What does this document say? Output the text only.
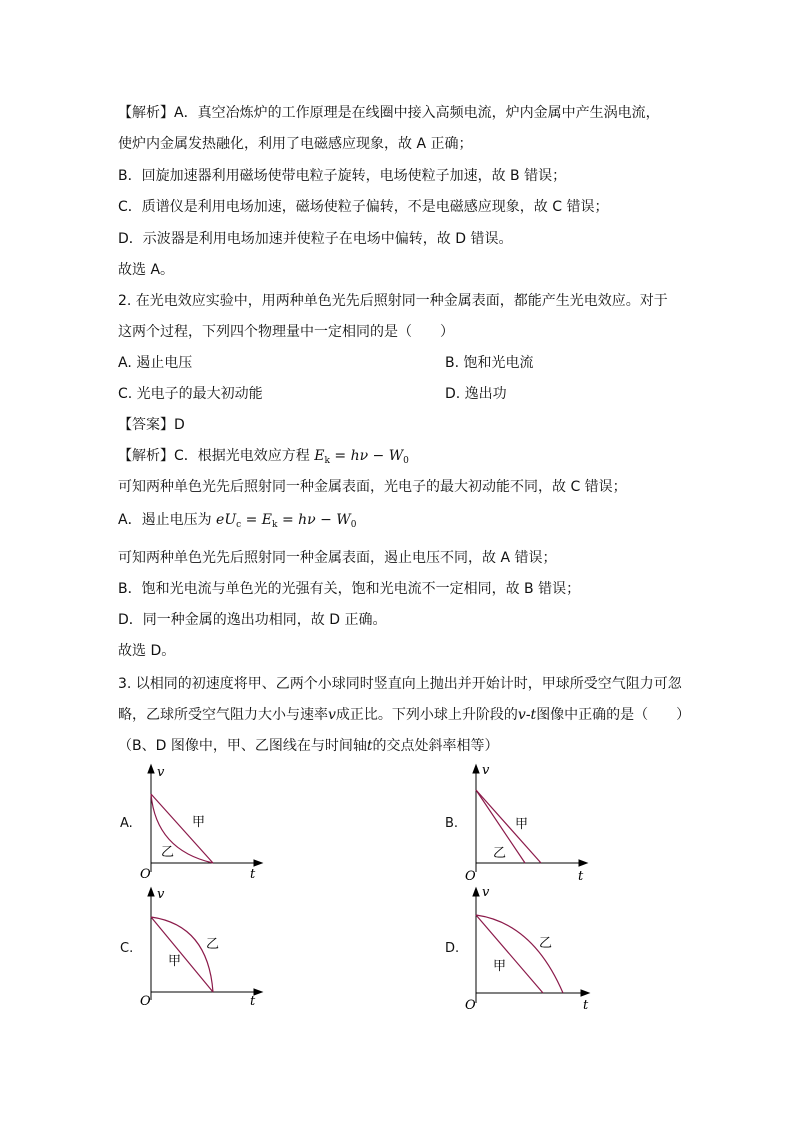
【解析】A．真空冶炼炉的工作原理是在线圈中接入高频电流，炉内金属中产生涡电流，
使炉内金属发热融化，利用了电磁感应现象，故 A 正确；
B．回旋加速器利用磁场使带电粒子旋转，电场使粒子加速，故 B 错误；
C．质谱仪是利用电场加速，磁场使粒子偏转，不是电磁感应现象，故 C 错误；
D．示波器是利用电场加速并使粒子在电场中偏转，故 D 错误。
故选 A。
2. 在光电效应实验中，用两种单色光先后照射同一种金属表面，都能产生光电效应。对于
这两个过程，下列四个物理量中一定相同的是（　　）
A. 遏止电压	B. 饱和光电流
C. 光电子的最大初动能	D. 逸出功
【答案】D
【解析】C．根据光电效应方程 $E_k = h\nu - W_0$
可知两种单色光先后照射同一种金属表面，光电子的最大初动能不同，故 C 错误；
A．遏止电压为 $eU_c = E_k = h\nu - W_0$
可知两种单色光先后照射同一种金属表面，遏止电压不同，故 A 错误；
B．饱和光电流与单色光的光强有关，饱和光电流不一定相同，故 B 错误；
D．同一种金属的逸出功相同，故 D 正确。
故选 D。
3. 以相同的初速度将甲、乙两个小球同时竖直向上抛出并开始计时，甲球所受空气阻力可忽
略，乙球所受空气阻力大小与速率v成正比。下列小球上升阶段的v-t图像中正确的是（　　）
（B、D 图像中，甲、乙图线在与时间轴t的交点处斜率相等）
A.
v
t
O
甲
乙
B.
v
t
O
甲
乙
C.
v
t
O
甲
乙	D.
v
t
O
甲
乙
